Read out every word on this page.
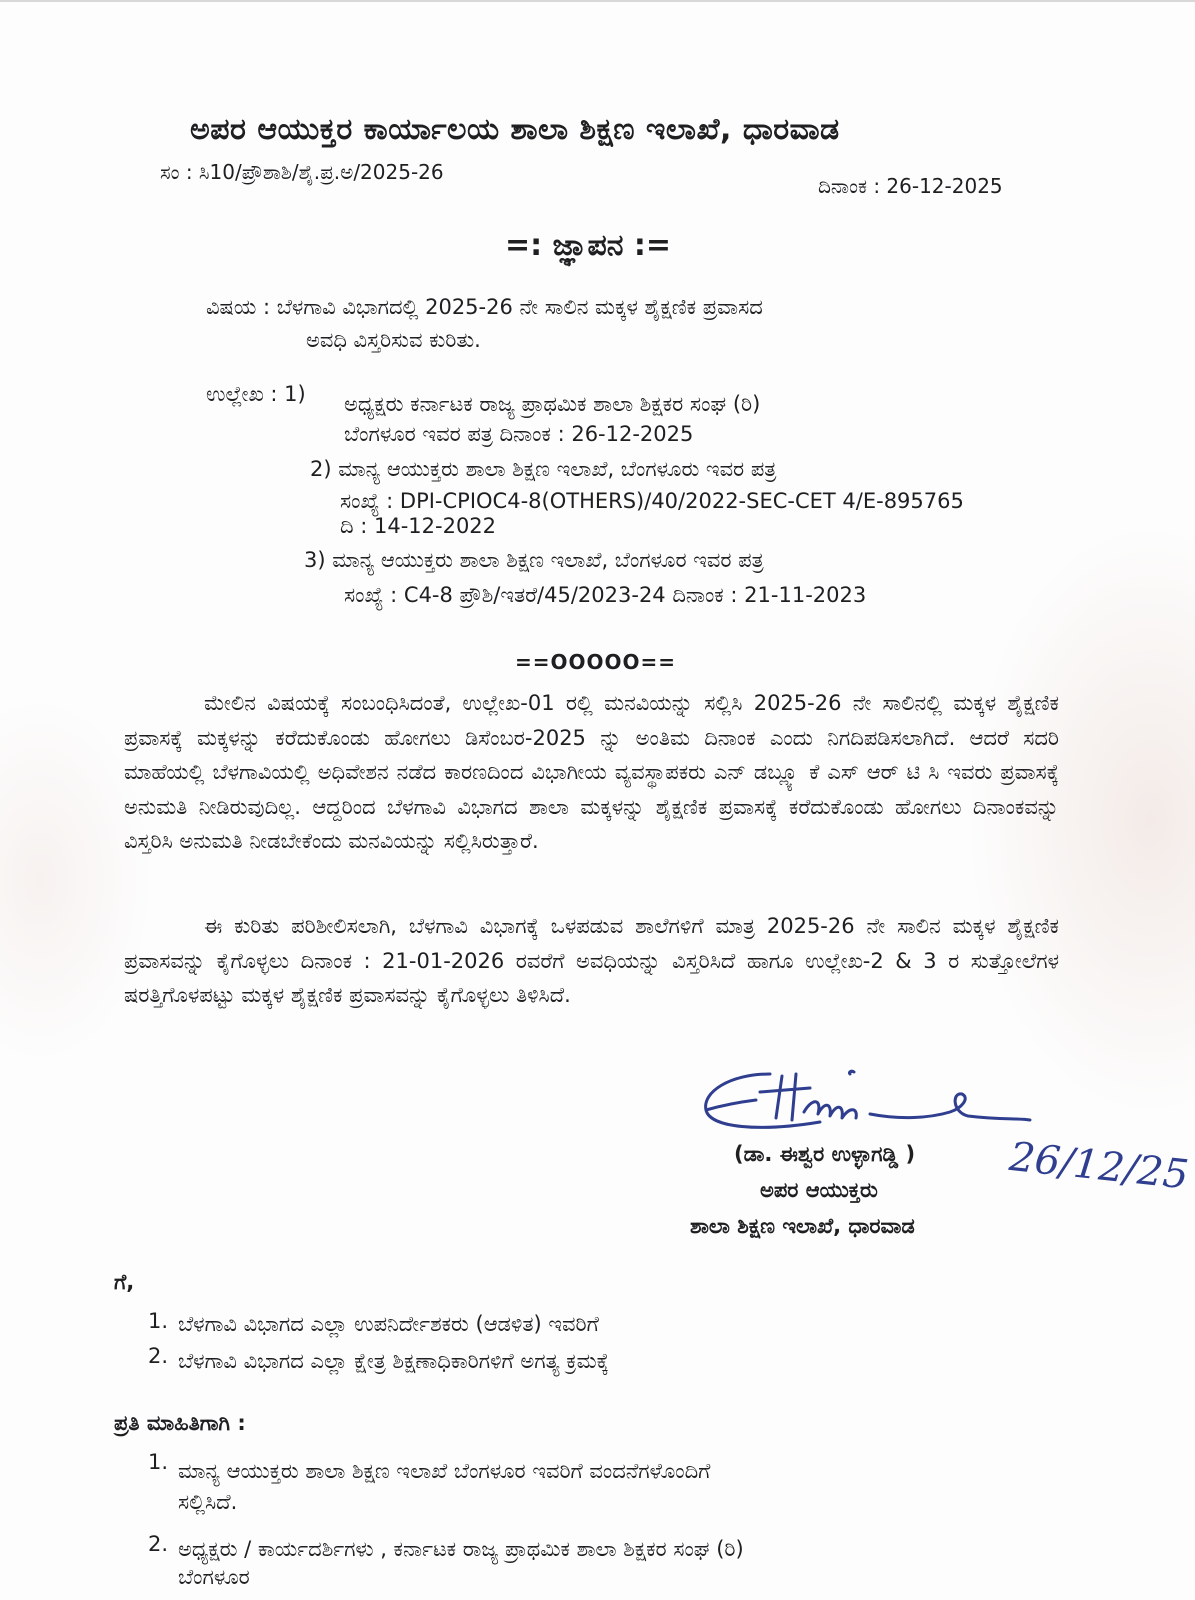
ಅಪರ ಆಯುಕ್ತರ ಕಾರ್ಯಾಲಯ ಶಾಲಾ ಶಿಕ್ಷಣ ಇಲಾಖೆ, ಧಾರವಾಡ
ಸಂ : ಸಿ10/ಪ್ರೌಶಾಶಿ/ಶೈ.ಪ್ರ.ಅ/2025-26
ದಿನಾಂಕ : 26-12-2025
=: ಜ್ಞಾಪನ :=
ವಿಷಯ : ಬೆಳಗಾವಿ ವಿಭಾಗದಲ್ಲಿ 2025-26 ನೇ ಸಾಲಿನ ಮಕ್ಕಳ ಶೈಕ್ಷಣಿಕ ಪ್ರವಾಸದ
ಅವಧಿ ವಿಸ್ತರಿಸುವ ಕುರಿತು.
ಉಲ್ಲೇಖ : 1) ಅಧ್ಯಕ್ಷರು ಕರ್ನಾಟಕ ರಾಜ್ಯ ಪ್ರಾಥಮಿಕ ಶಾಲಾ ಶಿಕ್ಷಕರ ಸಂಘ (ರಿ)
ಬೆಂಗಳೂರ ಇವರ ಪತ್ರ ದಿನಾಂಕ : 26-12-2025
2) ಮಾನ್ಯ ಆಯುಕ್ತರು ಶಾಲಾ ಶಿಕ್ಷಣ ಇಲಾಖೆ, ಬೆಂಗಳೂರು ಇವರ ಪತ್ರ
ಸಂಖ್ಯೆ : DPI-CPIOC4-8(OTHERS)/40/2022-SEC-CET 4/E-895765
ದಿ : 14-12-2022
3) ಮಾನ್ಯ ಆಯುಕ್ತರು ಶಾಲಾ ಶಿಕ್ಷಣ ಇಲಾಖೆ, ಬೆಂಗಳೂರ ಇವರ ಪತ್ರ
ಸಂಖ್ಯೆ : C4-8 ಪ್ರೌಶಿ/ಇತರೆ/45/2023-24 ದಿನಾಂಕ : 21-11-2023
==OOOOO==
ಮೇಲಿನ ವಿಷಯಕ್ಕೆ ಸಂಬಂಧಿಸಿದಂತೆ, ಉಲ್ಲೇಖ-01 ರಲ್ಲಿ ಮನವಿಯನ್ನು ಸಲ್ಲಿಸಿ 2025-26 ನೇ ಸಾಲಿನಲ್ಲಿ ಮಕ್ಕಳ ಶೈಕ್ಷಣಿಕ ಪ್ರವಾಸಕ್ಕೆ ಮಕ್ಕಳನ್ನು ಕರೆದುಕೊಂಡು ಹೋಗಲು ಡಿಸೆಂಬರ-2025 ನ್ನು ಅಂತಿಮ ದಿನಾಂಕ ಎಂದು ನಿಗದಿಪಡಿಸಲಾಗಿದೆ. ಆದರೆ ಸದರಿ ಮಾಹೆಯಲ್ಲಿ ಬೆಳಗಾವಿಯಲ್ಲಿ ಅಧಿವೇಶನ ನಡೆದ ಕಾರಣದಿಂದ ವಿಭಾಗೀಯ ವ್ಯವಸ್ಥಾಪಕರು ಎನ್ ಡಬ್ಲ್ಯೂ ಕೆ ಎಸ್ ಆರ್ ಟಿ ಸಿ ಇವರು ಪ್ರವಾಸಕ್ಕೆ ಅನುಮತಿ ನೀಡಿರುವುದಿಲ್ಲ. ಆದ್ದರಿಂದ ಬೆಳಗಾವಿ ವಿಭಾಗದ ಶಾಲಾ ಮಕ್ಕಳನ್ನು ಶೈಕ್ಷಣಿಕ ಪ್ರವಾಸಕ್ಕೆ ಕರೆದುಕೊಂಡು ಹೋಗಲು ದಿನಾಂಕವನ್ನು ವಿಸ್ತರಿಸಿ ಅನುಮತಿ ನೀಡಬೇಕೆಂದು ಮನವಿಯನ್ನು ಸಲ್ಲಿಸಿರುತ್ತಾರೆ.
ಈ ಕುರಿತು ಪರಿಶೀಲಿಸಲಾಗಿ, ಬೆಳಗಾವಿ ವಿಭಾಗಕ್ಕೆ ಒಳಪಡುವ ಶಾಲೆಗಳಿಗೆ ಮಾತ್ರ 2025-26 ನೇ ಸಾಲಿನ ಮಕ್ಕಳ ಶೈಕ್ಷಣಿಕ ಪ್ರವಾಸವನ್ನು ಕೈಗೊಳ್ಳಲು ದಿನಾಂಕ : 21-01-2026 ರವರೆಗೆ ಅವಧಿಯನ್ನು ವಿಸ್ತರಿಸಿದೆ ಹಾಗೂ ಉಲ್ಲೇಖ-2 & 3 ರ ಸುತ್ತೋಲೆಗಳ ಷರತ್ತಿಗೊಳಪಟ್ಟು ಮಕ್ಕಳ ಶೈಕ್ಷಣಿಕ ಪ್ರವಾಸವನ್ನು ಕೈಗೊಳ್ಳಲು ತಿಳಿಸಿದೆ.
(ಡಾ. ಈಶ್ವರ ಉಳ್ಳಾಗಡ್ಡಿ )
ಅಪರ ಆಯುಕ್ತರು
ಶಾಲಾ ಶಿಕ್ಷಣ ಇಲಾಖೆ, ಧಾರವಾಡ
26/12/25
ಗೆ,
1. ಬೆಳಗಾವಿ ವಿಭಾಗದ ಎಲ್ಲಾ ಉಪನಿರ್ದೇಶಕರು (ಆಡಳಿತ) ಇವರಿಗೆ
2. ಬೆಳಗಾವಿ ವಿಭಾಗದ ಎಲ್ಲಾ ಕ್ಷೇತ್ರ ಶಿಕ್ಷಣಾಧಿಕಾರಿಗಳಿಗೆ ಅಗತ್ಯ ಕ್ರಮಕ್ಕೆ
ಪ್ರತಿ ಮಾಹಿತಿಗಾಗಿ :
1. ಮಾನ್ಯ ಆಯುಕ್ತರು ಶಾಲಾ ಶಿಕ್ಷಣ ಇಲಾಖೆ ಬೆಂಗಳೂರ ಇವರಿಗೆ ವಂದನೆಗಳೊಂದಿಗೆ
ಸಲ್ಲಿಸಿದೆ.
2. ಅಧ್ಯಕ್ಷರು / ಕಾರ್ಯದರ್ಶಿಗಳು , ಕರ್ನಾಟಕ ರಾಜ್ಯ ಪ್ರಾಥಮಿಕ ಶಾಲಾ ಶಿಕ್ಷಕರ ಸಂಘ (ರಿ)
ಬೆಂಗಳೂರ
